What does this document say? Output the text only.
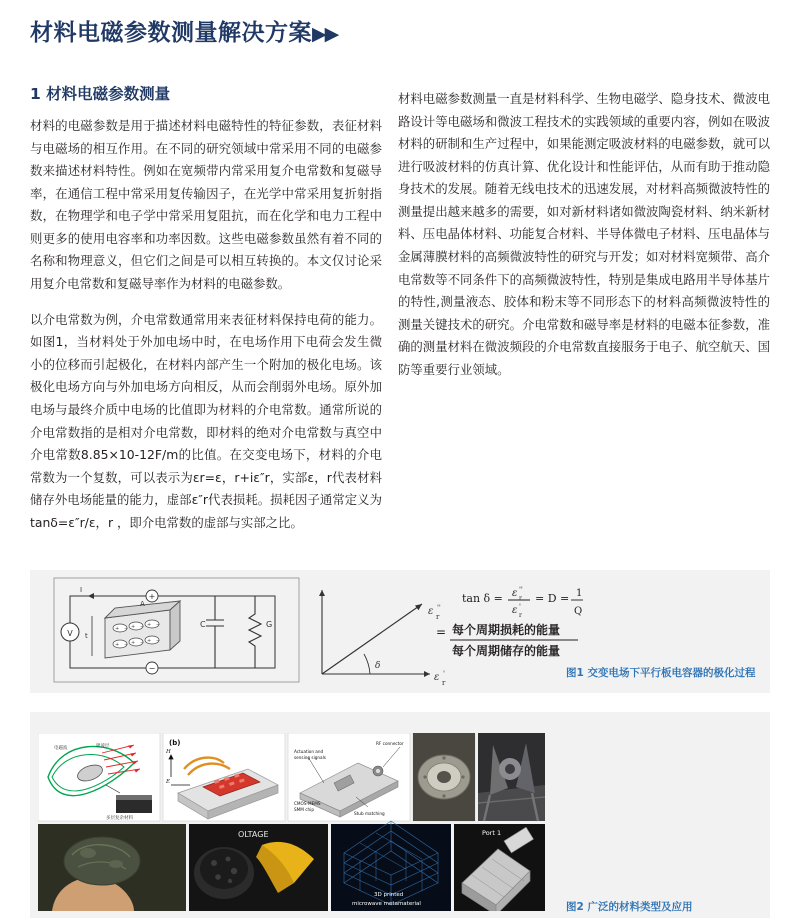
材料电磁参数测量解决方案▶▶
1 材料电磁参数测量

材料的电磁参数是用于描述材料电磁特性的特征参数，表征材料与电磁场的相互作用。在不同的研究领域中常采用不同的电磁参数来描述材料特性。例如在宽频带内常采用复介电常数和复磁导率，在通信工程中常采用复传输因子，在光学中常采用复折射指数，在物理学和电子学中常采用复阻抗，而在化学和电力工程中则更多的使用电容率和功率因数。这些电磁参数虽然有着不同的名称和物理意义，但它们之间是可以相互转换的。本文仅讨论采用复介电常数和复磁导率作为材料的电磁参数。

以介电常数为例，介电常数通常用来表征材料保持电荷的能力。如图1，当材料处于外加电场中时，在电场作用下电荷会发生微小的位移而引起极化，在材料内部产生一个附加的极化电场。该极化电场方向与外加电场方向相反，从而会削弱外电场。原外加电场与最终介质中电场的比值即为材料的介电常数。通常所说的介电常数指的是相对介电常数，即材料的绝对介电常数与真空中介电常数8.85×10-12F/m的比值。在交变电场下，材料的介电常数为一个复数，可以表示为εr=ε，r+iε″r，实部ε，r代表材料储存外电场能量的能力，虚部ε″r代表损耗。损耗因子通常定义为tanδ=ε″r/ε，r ，即介电常数的虚部与实部之比。

材料电磁参数测量一直是材料科学、生物电磁学、隐身技术、微波电路设计等电磁场和微波工程技术的实践领域的重要内容，例如在吸波材料的研制和生产过程中，如果能测定吸波材料的电磁参数，就可以进行吸波材料的仿真计算、优化设计和性能评估，从而有助于推动隐身技术的发展。随着无线电技术的迅速发展，对材料高频微波特性的测量提出越来越多的需要，如对新材料诸如微波陶瓷材料、纳米新材料、压电晶体材料、功能复合材料、半导体微电子材料、压电晶体与金属薄膜材料的高频微波特性的研究与开发；如对材料宽频带、高介电常数等不同条件下的高频微波特性，特别是集成电路用半导体基片的特性,测量液态、胶体和粉末等不同形态下的材料高频微波特性的测量关键技术的研究。介电常数和磁导率是材料的电磁本征参数，准确的测量材料在微波频段的介电常数直接服务于电子、航空航天、国防等重要行业领域。

V
I
+ − + − + −
+ − + − + −
A
t
+
−
C	G
δ
ε ''
r
ε '
r
tan δ = ε ''
r
ε '
r
= D = 1
Q
= 每个周期损耗的能量
每个周期储存的能量
图1 交变电场下平行板电容器的极化过程
电磁波	吸波层
多层复杂材料
(b)
H
E
RF connector
Actuation and
sensing signals
CMOS-MEMS
SMM chip
Stub matching
OLTAGE
3D printed
microwave metamaterial
Port 1
图2 广泛的材料类型及应用
